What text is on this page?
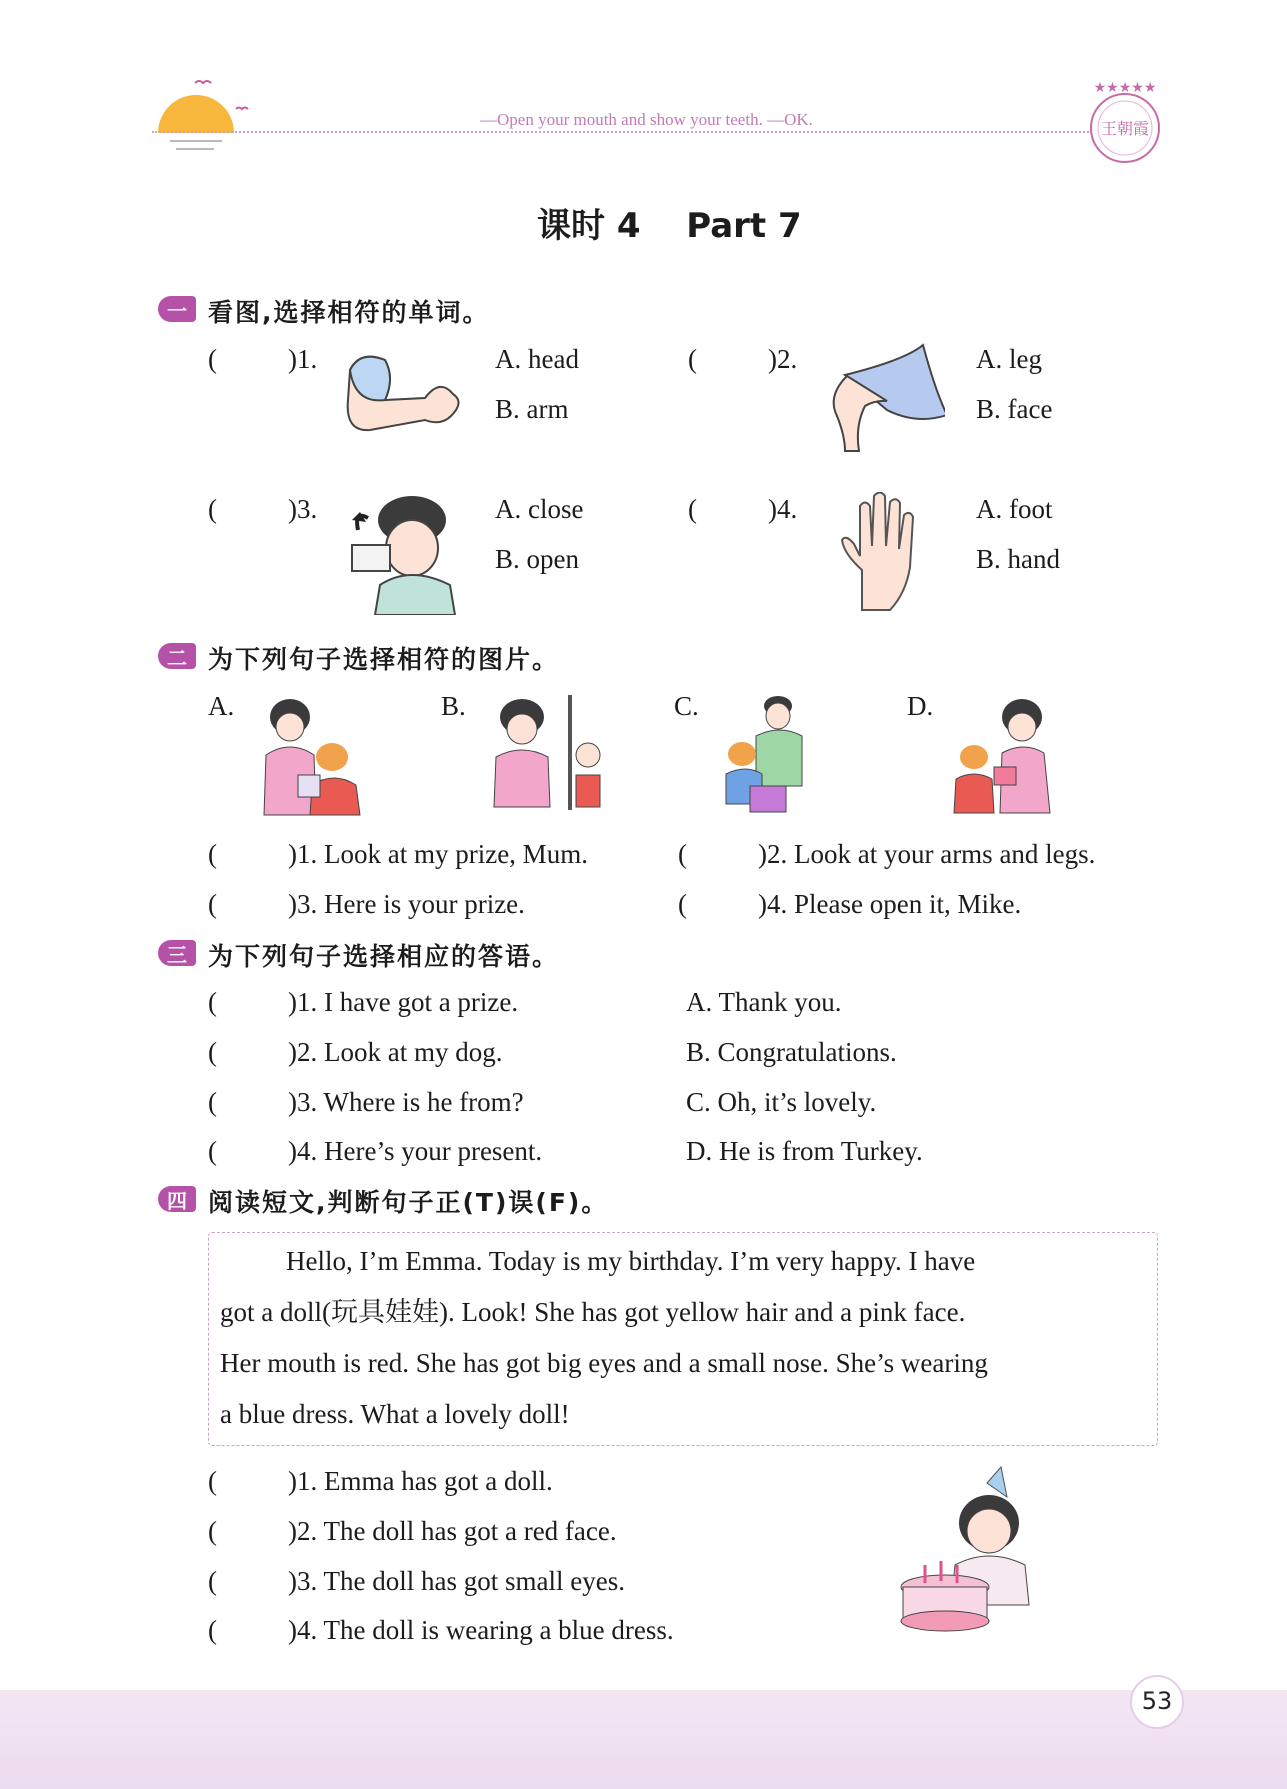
—Open your mouth and show your teeth. —OK.
★★★★★
王朝霞
课时 4 Part 7
一 看图,选择相符的单词。
(	)1.	A. head
B. arm
(	)2.	A. leg
B. face
(	)3.	A. close
B. open
(	)4.	A. foot
B. hand
二 为下列句子选择相符的图片。
A.	B.	C.	D.
(	)1. Look at my prize, Mum.	(	)2. Look at your arms and legs.
(	)3. Here is your prize.	(	)4. Please open it, Mike.
三 为下列句子选择相应的答语。
(	)1. I have got a prize.
(	)2. Look at my dog.
(	)3. Where is he from?
(	)4. Here’s your present.
A. Thank you.
B. Congratulations.
C. Oh, it’s lovely.
D. He is from Turkey.
四 阅读短文,判断句子正(T)误(F)。
Hello, I’m Emma. Today is my birthday. I’m very happy. I have
got a doll(玩具娃娃). Look! She has got yellow hair and a pink face.
Her mouth is red. She has got big eyes and a small nose. She’s wearing
a blue dress. What a lovely doll!
(	)1. Emma has got a doll.
(	)2. The doll has got a red face.
(	)3. The doll has got small eyes.
(	)4. The doll is wearing a blue dress.
53
